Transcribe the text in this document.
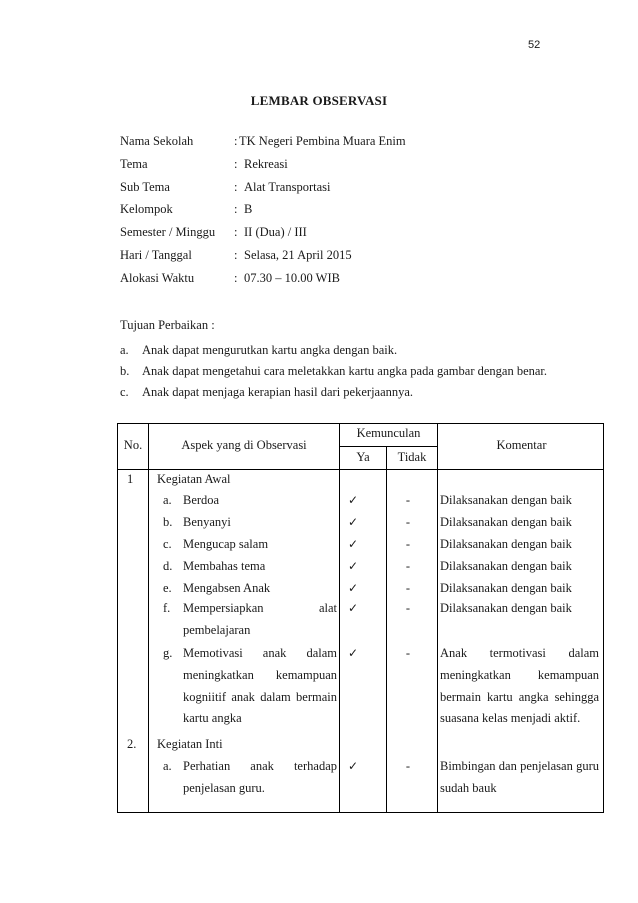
52
LEMBAR OBSERVASI
Nama Sekolah	: TK Negeri Pembina Muara Enim
Tema	: Rekreasi
Sub Tema	: Alat Transportasi
Kelompok	: B
Semester / Minggu : II (Dua) / III
Hari / Tanggal	: Selasa, 21 April 2015
Alokasi Waktu	: 07.30 – 10.00 WIB
Tujuan Perbaikan :
a. Anak dapat mengurutkan kartu angka dengan baik.
b. Anak dapat mengetahui cara meletakkan kartu angka pada gambar dengan benar.
c. Anak dapat menjaga kerapian hasil dari pekerjaannya.
No.	Aspek yang di Observasi
Kemunculan
Ya	Tidak
Komentar
1 Kegiatan Awal
a. Berdoa	✓	-	Dilaksanakan dengan baik
b. Benyanyi	✓	-	Dilaksanakan dengan baik
c. Mengucap salam	✓	-	Dilaksanakan dengan baik
d. Membahas tema	✓	-	Dilaksanakan dengan baik
e. Mengabsen Anak	✓	-	Dilaksanakan dengan baik
f. Mempersiapkan alat pembelajaran
✓	-	Dilaksanakan dengan baik
g. Memotivasi anak dalam meningkatkan kemampuan kogniitif anak dalam bermain kartu angka
✓	-	Anak termotivasi dalam meningkatkan kemampuan bermain kartu angka sehingga suasana kelas menjadi aktif.
2. Kegiatan Inti
a. Perhatian anak terhadap penjelasan guru.
✓	-	Bimbingan dan penjelasan guru sudah bauk
